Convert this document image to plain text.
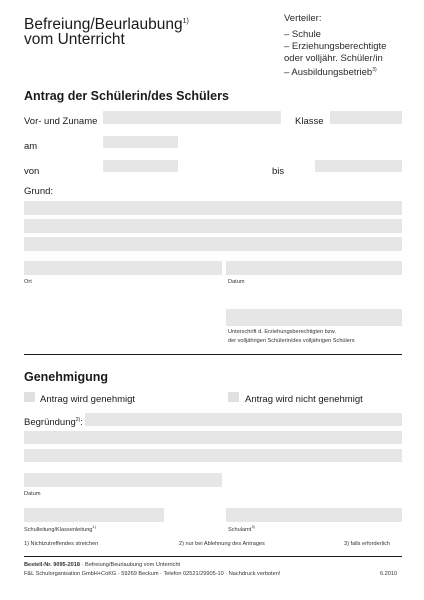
Befreiung/Beurlaubung$^{1)}$
vom Unterricht
Verteiler:
– Schule
– Erziehungsberechtigte
oder volljähr. Schüler/in
– Ausbildungsbetrieb$^{3)}$
Antrag der Schülerin/des Schülers
Vor- und Zuname	Klasse
am
von	bis
Grund:
Ort	Datum
Unterschrift d. Erziehungsberechtigten bzw.
der volljährigen Schülerin/des volljährigen Schülers
Genehmigung
Antrag wird genehmigt	Antrag wird nicht genehmigt
Begründung$^{2)}$:
Datum
Schulleitung/Klassenleitung$^{1)}$
Schulamt$^{3)}$
1) Nichtzutreffendes streichen	2) nur bei Ablehnung des Antrages	3) falls erforderlich
Bestell-Nr. 9095-2018 · Befreiung/Beurlaubung vom Unterricht
F&L Schulorganisation GmbH+CoKG · 59269 Beckum · Telefon 02521/29905-10 · Nachdruck verboten!	6.2010
